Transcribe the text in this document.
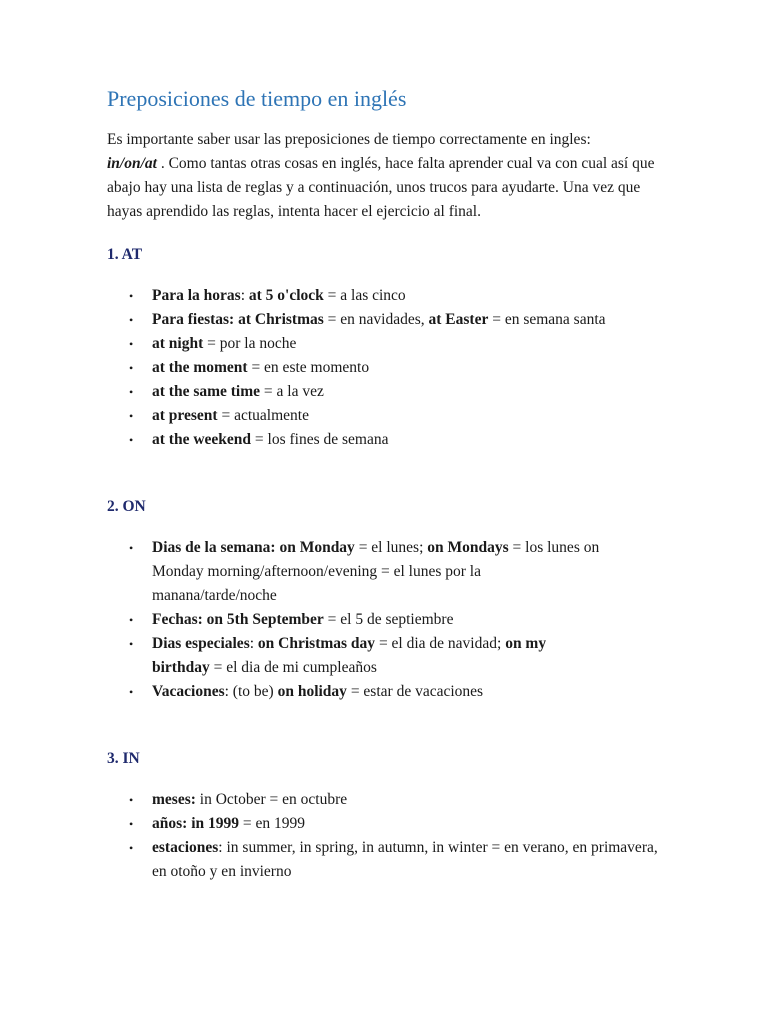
Preposiciones de tiempo en inglés

Es importante saber usar las preposiciones de tiempo correctamente en ingles:
in/on/at . Como tantas otras cosas en inglés, hace falta aprender cual va con cual así que abajo hay una lista de reglas y a continuación, unos trucos para ayudarte. Una vez que hayas aprendido las reglas, intenta hacer el ejercicio al final.

1. AT
• Para la horas: at 5 o'clock = a las cinco
• Para fiestas: at Christmas = en navidades, at Easter = en semana santa
• at night = por la noche
• at the moment = en este momento
• at the same time = a la vez
• at present = actualmente
• at the weekend = los fines de semana
2. ON
• Dias de la semana: on Monday = el lunes; on Mondays = los lunes on Monday morning/afternoon/evening = el lunes por la manana/tarde/noche
• Fechas: on 5th September = el 5 de septiembre
• Dias especiales: on Christmas day = el dia de navidad; on my birthday = el dia de mi cumpleaños
• Vacaciones: (to be) on holiday = estar de vacaciones
3. IN
• meses: in October = en octubre
• años: in 1999 = en 1999
• estaciones: in summer, in spring, in autumn, in winter = en verano, en primavera, en otoño y en invierno
